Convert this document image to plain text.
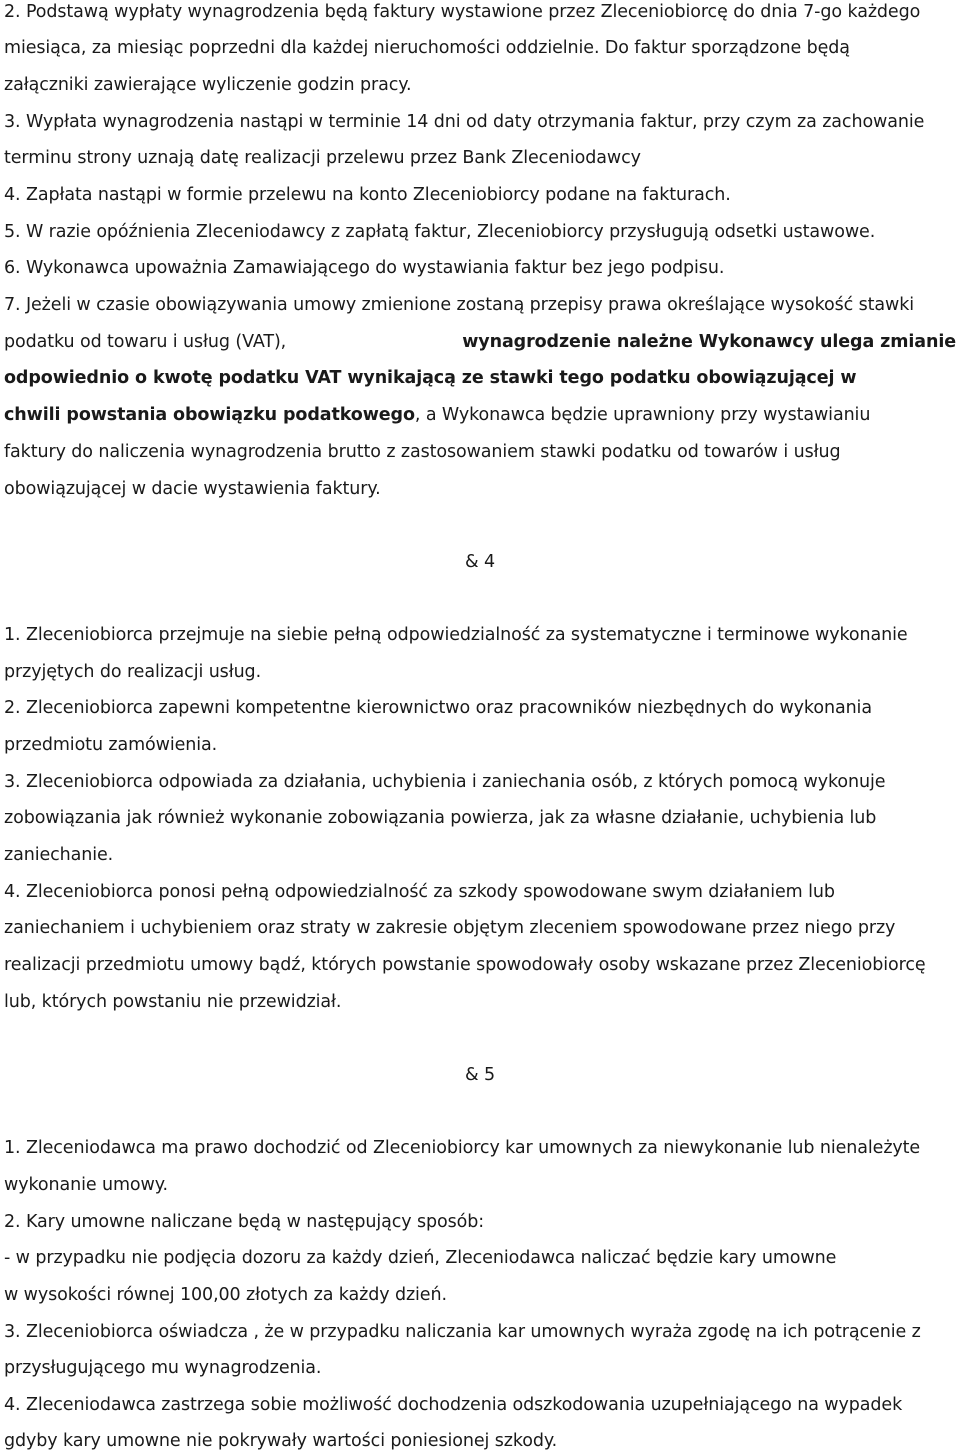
2. Podstawą wypłaty wynagrodzenia będą faktury wystawione przez Zleceniobiorcę do dnia 7-go każdego
miesiąca, za miesiąc poprzedni dla każdej nieruchomości oddzielnie. Do faktur sporządzone będą
załączniki zawierające wyliczenie godzin pracy.
3. Wypłata wynagrodzenia nastąpi w terminie 14 dni od daty otrzymania faktur, przy czym za zachowanie
terminu strony uznają datę realizacji przelewu przez Bank Zleceniodawcy
4. Zapłata nastąpi w formie przelewu na konto Zleceniobiorcy podane na fakturach.
5. W razie opóźnienia Zleceniodawcy z zapłatą faktur, Zleceniobiorcy przysługują odsetki ustawowe.
6. Wykonawca upoważnia Zamawiającego do wystawiania faktur bez jego podpisu.
7. Jeżeli w czasie obowiązywania umowy zmienione zostaną przepisy prawa określające wysokość stawki
podatku od towaru i usług (VAT),	wynagrodzenie należne Wykonawcy ulega zmianie
odpowiednio o kwotę podatku VAT wynikającą ze stawki tego podatku obowiązującej w
chwili powstania obowiązku podatkowego, a Wykonawca będzie uprawniony przy wystawianiu
faktury do naliczenia wynagrodzenia brutto z zastosowaniem stawki podatku od towarów i usług
obowiązującej w dacie wystawienia faktury.
& 4
1. Zleceniobiorca przejmuje na siebie pełną odpowiedzialność za systematyczne i terminowe wykonanie
przyjętych do realizacji usług.
2. Zleceniobiorca zapewni kompetentne kierownictwo oraz pracowników niezbędnych do wykonania
przedmiotu zamówienia.
3. Zleceniobiorca odpowiada za działania, uchybienia i zaniechania osób, z których pomocą wykonuje
zobowiązania jak również wykonanie zobowiązania powierza, jak za własne działanie, uchybienia lub
zaniechanie.
4. Zleceniobiorca ponosi pełną odpowiedzialność za szkody spowodowane swym działaniem lub
zaniechaniem i uchybieniem oraz straty w zakresie objętym zleceniem spowodowane przez niego przy
realizacji przedmiotu umowy bądź, których powstanie spowodowały osoby wskazane przez Zleceniobiorcę
lub, których powstaniu nie przewidział.
& 5
1. Zleceniodawca ma prawo dochodzić od Zleceniobiorcy kar umownych za niewykonanie lub nienależyte
wykonanie umowy.
2. Kary umowne naliczane będą w następujący sposób:
- w przypadku nie podjęcia dozoru za każdy dzień, Zleceniodawca naliczać będzie kary umowne
w wysokości równej 100,00 złotych za każdy dzień.
3. Zleceniobiorca oświadcza , że w przypadku naliczania kar umownych wyraża zgodę na ich potrącenie z
przysługującego mu wynagrodzenia.
4. Zleceniodawca zastrzega sobie możliwość dochodzenia odszkodowania uzupełniającego na wypadek
gdyby kary umowne nie pokrywały wartości poniesionej szkody.
